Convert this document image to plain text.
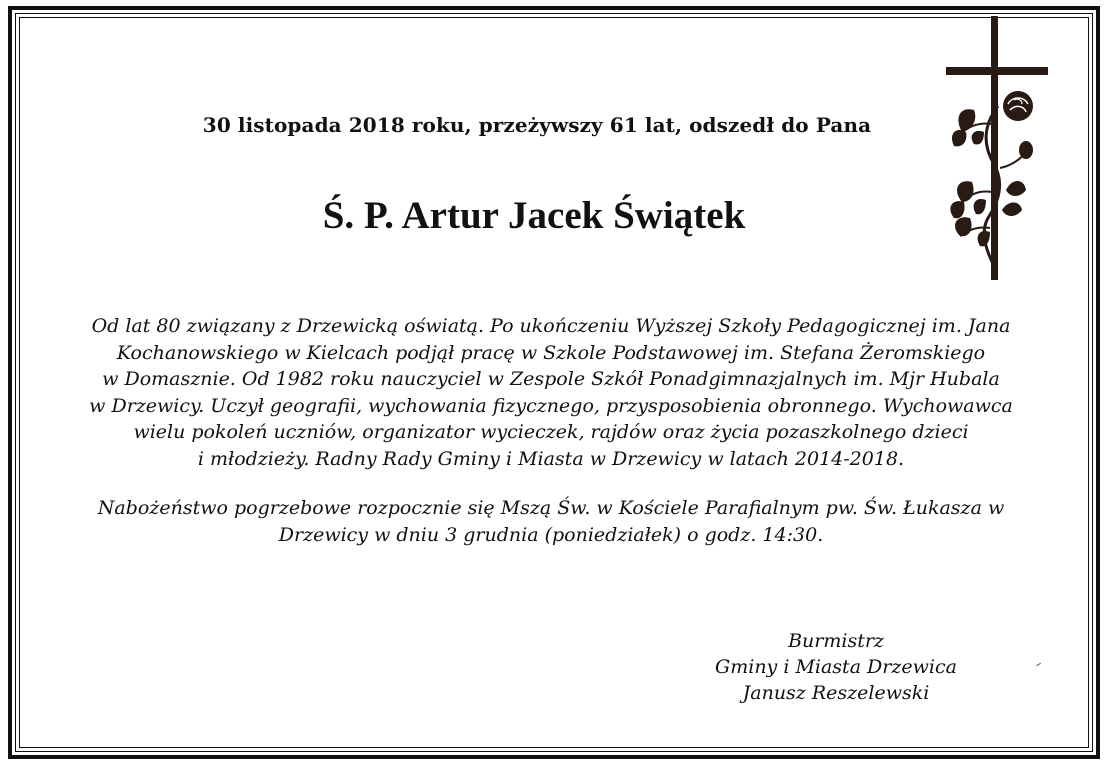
30 listopada 2018 roku, przeżywszy 61 lat, odszedł do Pana
Ś. P. Artur Jacek Świątek
Od lat 80 związany z Drzewicką oświatą. Po ukończeniu Wyższej Szkoły Pedagogicznej im. Jana
Kochanowskiego w Kielcach podjął pracę w Szkole Podstawowej im. Stefana Żeromskiego
w Domasznie. Od 1982 roku nauczyciel w Zespole Szkół Ponadgimnazjalnych im. Mjr Hubala
w Drzewicy. Uczył geografii, wychowania fizycznego, przysposobienia obronnego. Wychowawca
wielu pokoleń uczniów, organizator wycieczek, rajdów oraz życia pozaszkolnego dzieci
i młodzieży. Radny Rady Gminy i Miasta w Drzewicy w latach 2014-2018.
Nabożeństwo pogrzebowe rozpocznie się Mszą Św. w Kościele Parafialnym pw. Św. Łukasza w
Drzewicy w dniu 3 grudnia (poniedziałek) o godz. 14:30.
Burmistrz
Gminy i Miasta Drzewica
Janusz Reszelewski
